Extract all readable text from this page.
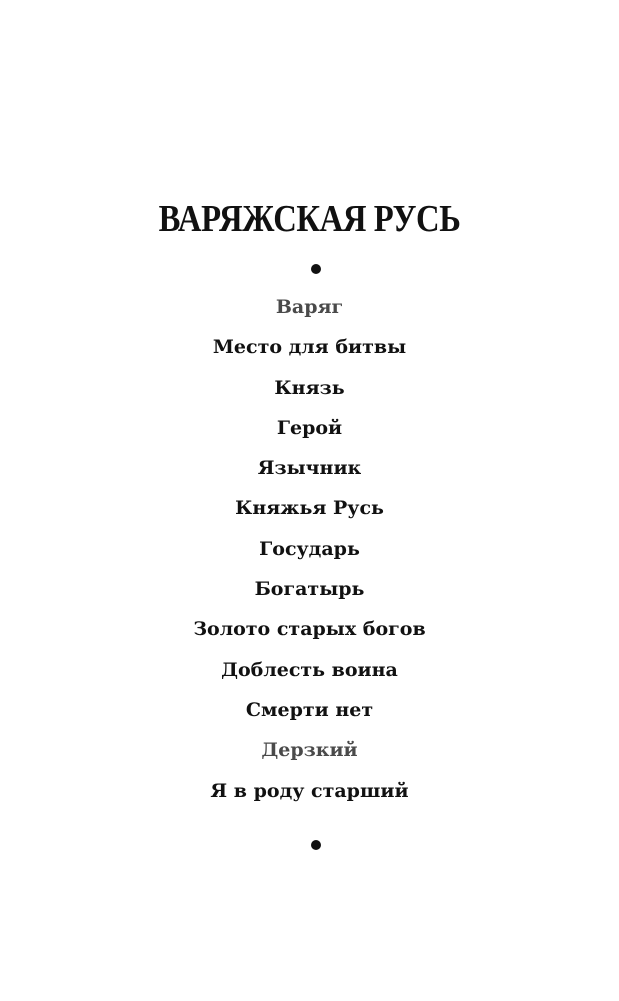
ВАРЯЖСКАЯ РУСЬ
Варяг
Место для битвы
Князь
Герой
Язычник
Княжья Русь
Государь
Богатырь
Золото старых богов
Доблесть воина
Смерти нет
Дерзкий
Я в роду старший
